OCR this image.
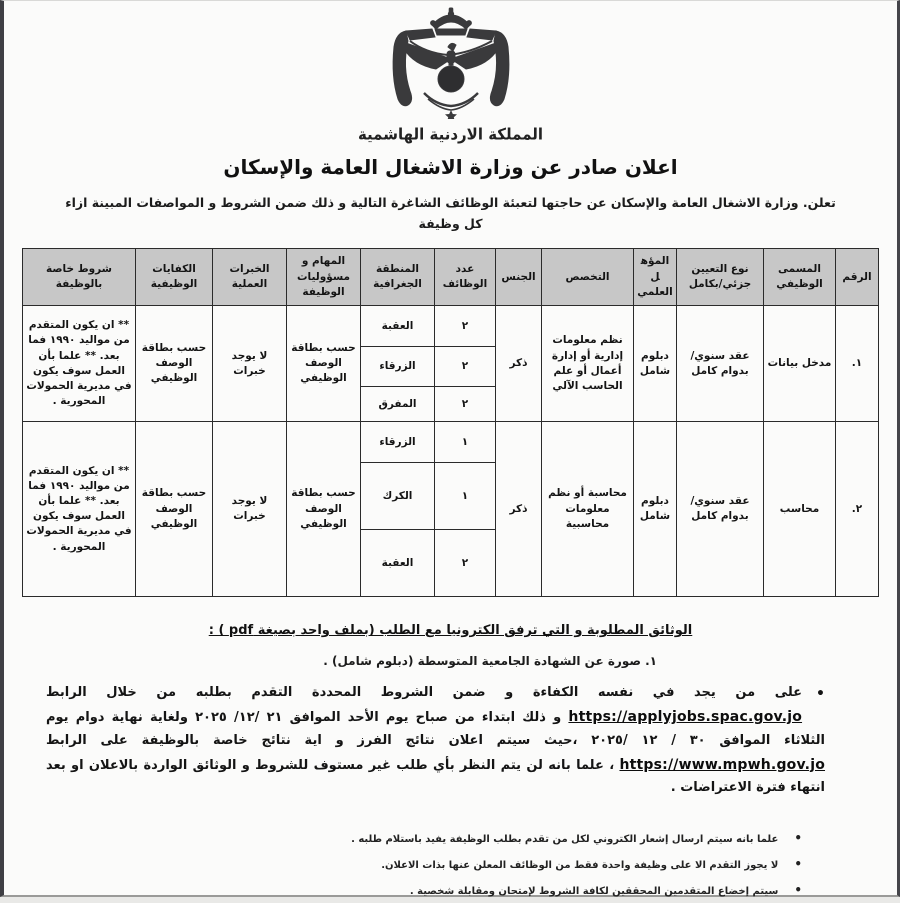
المملكة الاردنية الهاشمية
اعلان صادر عن وزارة الاشغال العامة والإسكان
تعلن. وزارة الاشغال العامة والإسكان عن حاجتها لتعبئة الوظائف الشاغرة التالية و ذلك ضمن الشروط و المواصفات المبينة ازاء كل وظيفة
الرقم	المسمى الوظيفي	نوع التعيين جزئي/بكامل	المؤهل العلمي	التخصص	الجنس	عدد الوظائف	المنطقة الجغرافية	المهام و مسؤوليات الوظيفة	الخبرات العملية	الكفايات الوظيفية	شروط خاصة بالوظيفة
١.	مدخل بيانات	عقد سنوي/بدوام كامل	دبلوم شامل	نظم معلومات إدارية أو إدارة أعمال أو علم الحاسب الآلي	ذكر	٢	العقبة	حسب بطاقة الوصف الوظيفي	لا يوجد خبرات	حسب بطاقة الوصف الوظيفي	** ان يكون المتقدم من مواليد ١٩٩٠ فما بعد. ** علما بأن العمل سوف يكون في مديرية الحمولات المحورية .
						٢	الزرقاء				
						٢	المفرق				
٢.	محاسب	عقد سنوي/بدوام كامل	دبلوم شامل	محاسبة أو نظم معلومات محاسبية	ذكر	١	الزرقاء	حسب بطاقة الوصف الوظيفي	لا يوجد خبرات	حسب بطاقة الوصف الوظيفي	** ان يكون المتقدم من مواليد ١٩٩٠ فما بعد. ** علما بأن العمل سوف يكون في مديرية الحمولات المحورية .
						١	الكرك				
						٢	العقبة				
الوثائق المطلوبة و التي ترفق الكترونيا مع الطلب (بملف واحد بصيغة pdf ) :
١. صورة عن الشهادة الجامعية المتوسطة (دبلوم شامل) .
•
على من يجد في نفسه الكفاءة و ضمن الشروط المحددة التقدم بطلبه من خلال الرابط https://applyjobs.spac.gov.jo و ذلك ابتداء من صباح يوم الأحد الموافق ٢١ /١٢/ ٢٠٢٥ ولغاية نهاية دوام يوم الثلاثاء الموافق ٣٠ / ١٢ /٢٠٢٥ ،حيث سيتم اعلان نتائج الفرز و اية نتائج خاصة بالوظيفة على الرابط https://www.mpwh.gov.jo ، علما بانه لن يتم النظر بأي طلب غير مستوف للشروط و الوثائق الواردة بالاعلان او بعد انتهاء فترة الاعتراضات .
• علما بانه سيتم ارسال إشعار الكتروني لكل من تقدم بطلب الوظيفة يفيد باستلام طلبه .
• لا يجوز التقدم الا على وظيفة واحدة فقط من الوظائف المعلن عنها بذات الاعلان.
• سيتم إخضاع المتقدمين المحققين لكافة الشروط لإمتحان ومقابلة شخصية .
